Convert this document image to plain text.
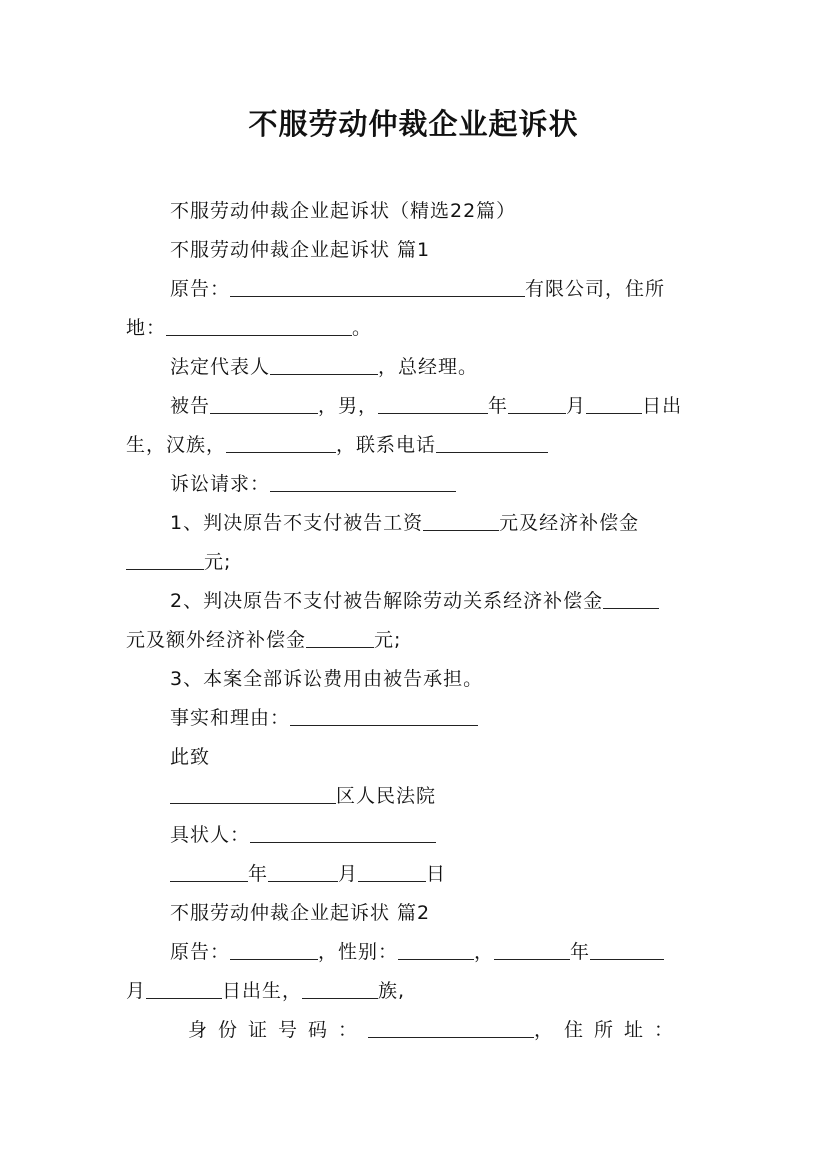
不服劳动仲裁企业起诉状
不服劳动仲裁企业起诉状（精选22篇）
不服劳动仲裁企业起诉状 篇1
原告：	有限公司，住所
地：	。
法定代表人	，总经理。
被告	，男，	年	月	日出
生，汉族，	，联系电话
诉讼请求：
1、判决原告不支付被告工资	元及经济补偿金
元;
2、判决原告不支付被告解除劳动关系经济补偿金
元及额外经济补偿金	元;
3、本案全部诉讼费用由被告承担。
事实和理由：
此致
区人民法院
具状人：
年	月	日
不服劳动仲裁企业起诉状 篇2
原告：	，性别：	，	年
月	日出生，	族,
身份证号码：	，住所址：
